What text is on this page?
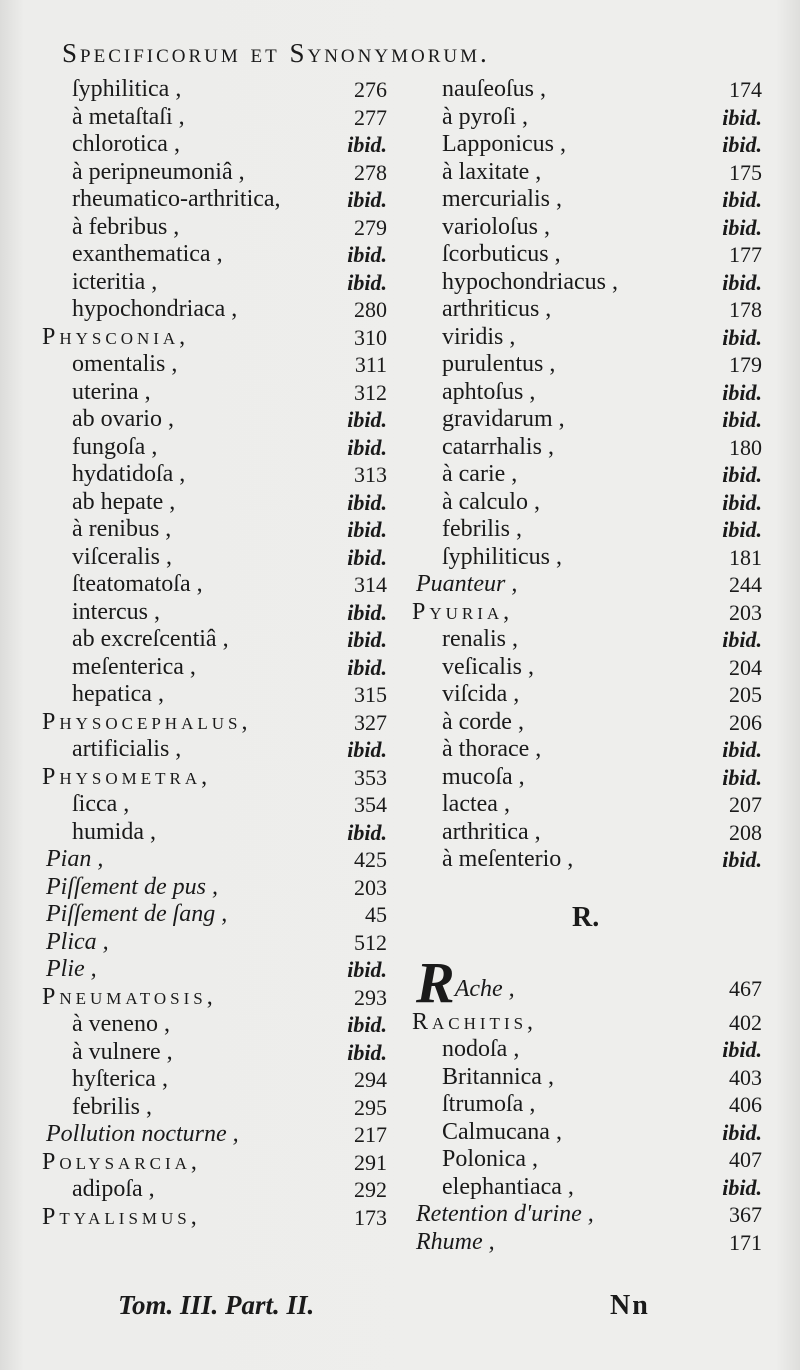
Specificorum et Synonymorum.
ſyphilitica ,	276
à metaſtaſi ,	277
chlorotica ,	ibid.
à peripneumoniâ ,	278
rheumatico-arthritica,	ibid.
à febribus ,	279
exanthematica ,	ibid.
icteritia ,	ibid.
hypochondriaca ,	280
Physconia,	310
omentalis ,	311
uterina ,	312
ab ovario ,	ibid.
fungoſa ,	ibid.
hydatidoſa ,	313
ab hepate ,	ibid.
à renibus ,	ibid.
viſceralis ,	ibid.
ſteatomatoſa ,	314
intercus ,	ibid.
ab excreſcentiâ ,	ibid.
meſenterica ,	ibid.
hepatica ,	315
Physocephalus,	327
artificialis ,	ibid.
Physometra,	353
ſicca ,	354
humida ,	ibid.
Pian ,	425
Piſſement de pus ,	203
Piſſement de ſang ,	45
Plica ,	512
Plie ,	ibid.
Pneumatosis,	293
à veneno ,	ibid.
à vulnere ,	ibid.
hyſterica ,	294
febrilis ,	295
Pollution nocturne ,	217
Polysarcia,	291
adipoſa ,	292
Ptyalismus,	173
nauſeoſus ,	174
à pyroſi ,	ibid.
Lapponicus ,	ibid.
à laxitate ,	175
mercurialis ,	ibid.
varioloſus ,	ibid.
ſcorbuticus ,	177
hypochondriacus ,	ibid.
arthriticus ,	178
viridis ,	ibid.
purulentus ,	179
aphtoſus ,	ibid.
gravidarum ,	ibid.
catarrhalis ,	180
à carie ,	ibid.
à calculo ,	ibid.
febrilis ,	ibid.
ſyphiliticus ,	181
Puanteur ,	244
Pyuria,	203
renalis ,	ibid.
veſicalis ,	204
viſcida ,	205
à corde ,	206
à thorace ,	ibid.
mucoſa ,	ibid.
lactea ,	207
arthritica ,	208
à meſenterio ,	ibid.
R.
RAche ,	467
Rachitis,	402
nodoſa ,	ibid.
Britannica ,	403
ſtrumoſa ,	406
Calmucana ,	ibid.
Polonica ,	407
elephantiaca ,	ibid.
Retention d'urine ,	367
Rhume ,	171
Tom. III. Part. II.	Nn
